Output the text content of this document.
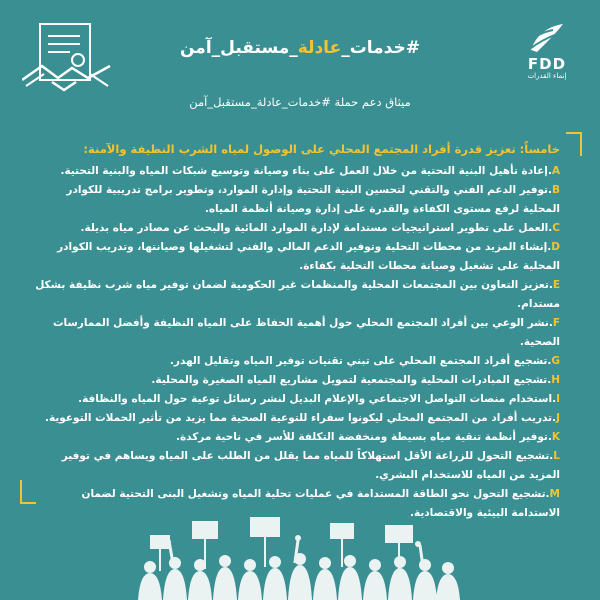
FDD
إنماء القدرات
#خدمات_عادلة_مستقبل_آمن
ميثاق دعم حملة #خدمات_عادلة_مستقبل_آمن
خامساً: تعزيز قدرة أفراد المجتمع المحلي على الوصول لمياه الشرب النظيفة والآمنة:
A.إعادة تأهيل البنية التحتية من خلال العمل على بناء وصيانة وتوسيع شبكات المياه والبنية التحتية.
B.توفير الدعم الفني والتقني لتحسين البنية التحتية وإدارة الموارد، وتطوير برامج تدريبية للكوادر المحلية لرفع مستوى الكفاءة والقدرة على إدارة وصيانة أنظمة المياه.
C.العمل على تطوير استراتيجيات مستدامة لإدارة الموارد المائية والبحث عن مصادر مياه بديلة.
D.إنشاء المزيد من محطات التحلية وتوفير الدعم المالي والفني لتشغيلها وصيانتها، وتدريب الكوادر المحلية على تشغيل وصيانة محطات التحلية بكفاءة.
E.تعزيز التعاون بين المجتمعات المحلية والمنظمات غير الحكومية لضمان توفير مياه شرب نظيفة بشكل مستدام.
F.نشر الوعي بين أفراد المجتمع المحلي حول أهمية الحفاظ على المياه النظيفة وأفضل الممارسات الصحية.
G.تشجيع أفراد المجتمع المحلي على تبني تقنيات توفير المياه وتقليل الهدر.
H.تشجيع المبادرات المحلية والمجتمعية لتمويل مشاريع المياه الصغيرة والمحلية.
I.استخدام منصات التواصل الاجتماعي والإعلام البديل لنشر رسائل توعية حول المياه والنظافة.
J.تدريب أفراد من المجتمع المحلي ليكونوا سفراء للتوعية الصحية مما يزيد من تأثير الحملات التوعوية.
K.توفير أنظمة تنقية مياه بسيطة ومنخفضة التكلفة للأسر في ناحية مركدة.
L.تشجيع التحول للزراعة الأقل استهلاكاً للمياه مما يقلل من الطلب على المياه ويساهم في توفير المزيد من المياه للاستخدام البشري.
M.تشجيع التحول نحو الطاقة المستدامة في عمليات تحلية المياه وتشغيل البنى التحتية لضمان الاستدامة البيئية والاقتصادية.
